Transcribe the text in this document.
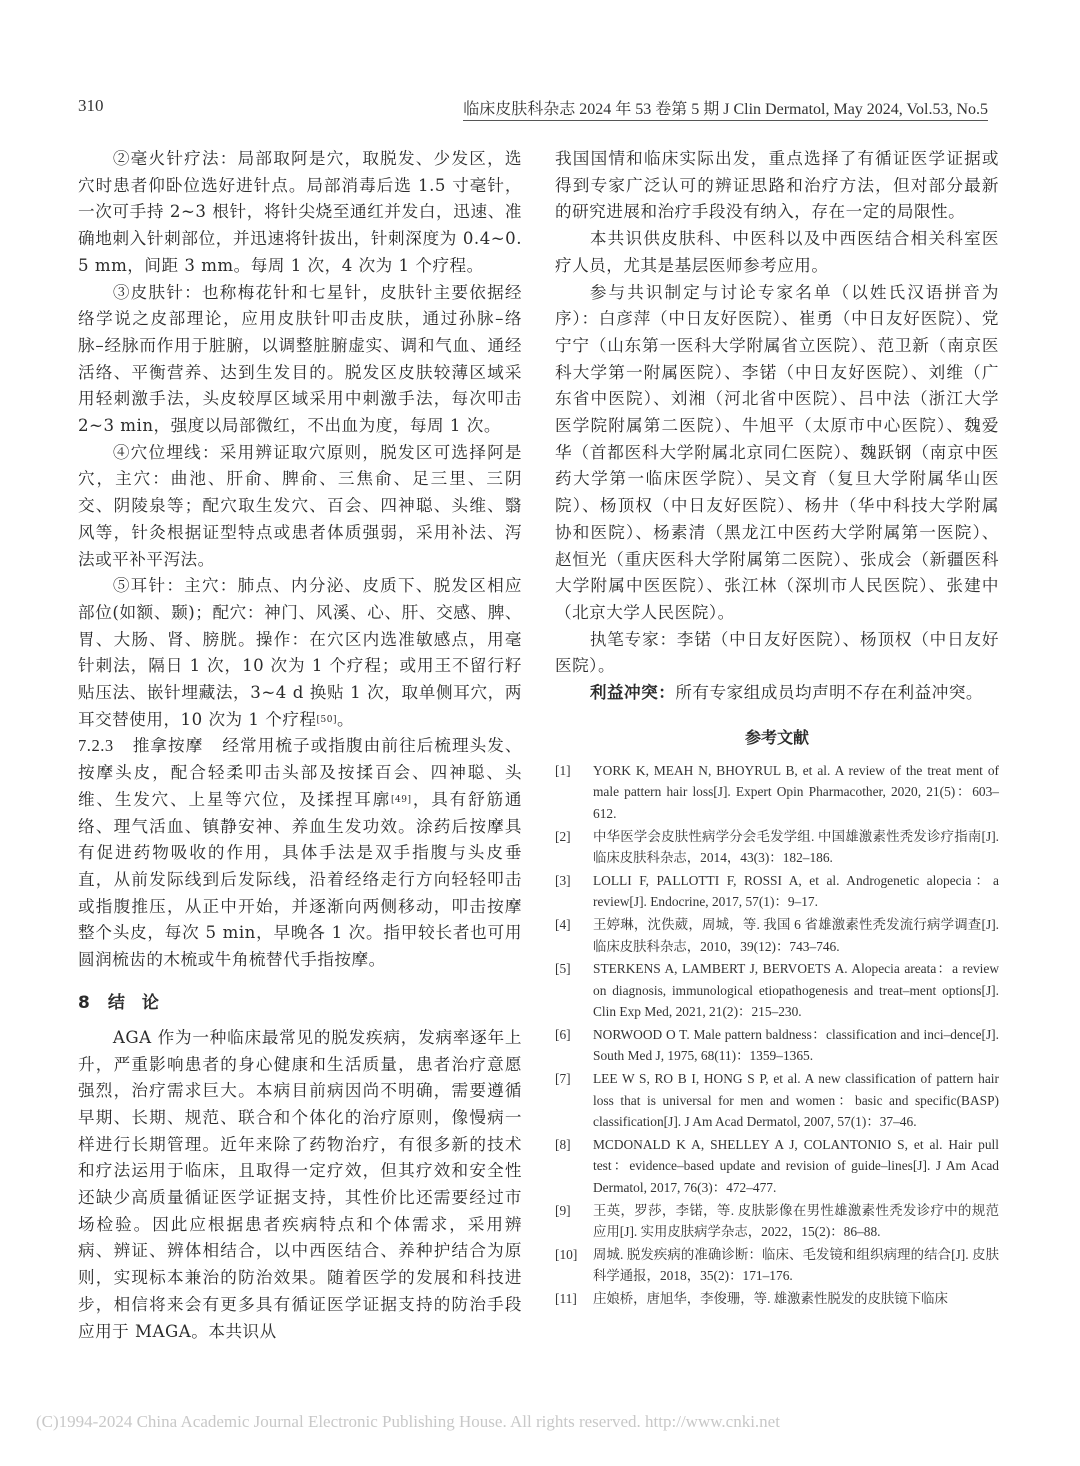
310	临床皮肤科杂志 2024 年 53 卷第 5 期 J Clin Dermatol, May 2024, Vol.53, No.5

②毫火针疗法：局部取阿是穴，取脱发、少发区，选穴时患者仰卧位选好进针点。局部消毒后选 1.5 寸毫针，一次可手持 2~3 根针，将针尖烧至通红并发白，迅速、准确地刺入针刺部位，并迅速将针拔出，针刺深度为 0.4~0.5 mm，间距 3 mm。每周 1 次，4 次为 1 个疗程。

③皮肤针：也称梅花针和七星针，皮肤针主要依据经络学说之皮部理论，应用皮肤针叩击皮肤，通过孙脉–络脉–经脉而作用于脏腑，以调整脏腑虚实、调和气血、通经活络、平衡营养、达到生发目的。脱发区皮肤较薄区域采用轻刺激手法，头皮较厚区域采用中刺激手法，每次叩击 2~3 min，强度以局部微红，不出血为度，每周 1 次。

④穴位埋线：采用辨证取穴原则，脱发区可选择阿是穴，主穴：曲池、肝俞、脾俞、三焦俞、足三里、三阴交、阴陵泉等；配穴取生发穴、百会、四神聪、头维、翳风等，针灸根据证型特点或患者体质强弱，采用补法、泻法或平补平泻法。

⑤耳针：主穴：肺点、内分泌、皮质下、脱发区相应部位(如额、颞)；配穴：神门、风溪、心、肝、交感、脾、胃、大肠、肾、膀胱。操作：在穴区内选准敏感点，用毫针刺法，隔日 1 次，10 次为 1 个疗程；或用王不留行籽贴压法、嵌针埋藏法，3~4 d 换贴 1 次，取单侧耳穴，两耳交替使用，10 次为 1 个疗程[50]。

7.2.3 推拿按摩 经常用梳子或指腹由前往后梳理头发、按摩头皮，配合轻柔叩击头部及按揉百会、四神聪、头维、生发穴、上星等穴位，及揉捏耳廓[49]，具有舒筋通络、理气活血、镇静安神、养血生发功效。涂药后按摩具有促进药物吸收的作用，具体手法是双手指腹与头皮垂直，从前发际线到后发际线，沿着经络走行方向轻轻叩击或指腹推压，从正中开始，并逐渐向两侧移动，叩击按摩整个头皮，每次 5 min，早晚各 1 次。指甲较长者也可用圆润梳齿的木梳或牛角梳替代手指按摩。

8 结　论

AGA 作为一种临床最常见的脱发疾病，发病率逐年上升，严重影响患者的身心健康和生活质量，患者治疗意愿强烈，治疗需求巨大。本病目前病因尚不明确，需要遵循早期、长期、规范、联合和个体化的治疗原则，像慢病一样进行长期管理。近年来除了药物治疗，有很多新的技术和疗法运用于临床，且取得一定疗效，但其疗效和安全性还缺少高质量循证医学证据支持，其性价比还需要经过市场检验。因此应根据患者疾病特点和个体需求，采用辨病、辨证、辨体相结合，以中西医结合、养种护结合为原则，实现标本兼治的防治效果。随着医学的发展和科技进步，相信将来会有更多具有循证医学证据支持的防治手段应用于 MAGA。本共识从

我国国情和临床实际出发，重点选择了有循证医学证据或得到专家广泛认可的辨证思路和治疗方法，但对部分最新的研究进展和治疗手段没有纳入，存在一定的局限性。

本共识供皮肤科、中医科以及中西医结合相关科室医疗人员，尤其是基层医师参考应用。

参与共识制定与讨论专家名单（以姓氏汉语拼音为序）：白彦萍（中日友好医院）、崔勇（中日友好医院）、党宁宁（山东第一医科大学附属省立医院）、范卫新（南京医科大学第一附属医院）、李锘（中日友好医院）、刘维（广东省中医院）、刘湘（河北省中医院）、吕中法（浙江大学医学院附属第二医院）、牛旭平（太原市中心医院）、魏爱华（首都医科大学附属北京同仁医院）、魏跃钢（南京中医药大学第一临床医学院）、吴文育（复旦大学附属华山医院）、杨顶权（中日友好医院）、杨井（华中科技大学附属协和医院）、杨素清（黑龙江中医药大学附属第一医院）、赵恒光（重庆医科大学附属第二医院）、张成会（新疆医科大学附属中医医院）、张江林（深圳市人民医院）、张建中（北京大学人民医院）。

执笔专家：李锘（中日友好医院）、杨顶权（中日友好医院）。

利益冲突：所有专家组成员均声明不存在利益冲突。

参考文献
[1]	YORK K, MEAH N, BHOYRUL B, et al. A review of the treat ment of male pattern hair loss[J]. Expert Opin Pharmacother, 2020, 21(5)：603–612.
[2]	中华医学会皮肤性病学分会毛发学组. 中国雄激素性秃发诊疗指南[J]. 临床皮肤科杂志，2014，43(3)：182–186.
[3]	LOLLI F, PALLOTTI F, ROSSI A, et al. Androgenetic alopecia：a review[J]. Endocrine, 2017, 57(1)：9–17.
[4]	王婷琳，沈佚葳，周城，等. 我国 6 省雄激素性秃发流行病学调查[J]. 临床皮肤科杂志，2010，39(12)：743–746.
[5]	STERKENS A, LAMBERT J, BERVOETS A. Alopecia areata：a review on diagnosis, immunological etiopathogenesis and treat–ment options[J]. Clin Exp Med, 2021, 21(2)：215–230.
[6]	NORWOOD O T. Male pattern baldness：classification and inci–dence[J]. South Med J, 1975, 68(11)：1359–1365.
[7]	LEE W S, RO B I, HONG S P, et al. A new classification of pattern hair loss that is universal for men and women：basic and specific(BASP) classification[J]. J Am Acad Dermatol, 2007, 57(1)：37–46.
[8]	MCDONALD K A, SHELLEY A J, COLANTONIO S, et al. Hair pull test：evidence–based update and revision of guide–lines[J]. J Am Acad Dermatol, 2017, 76(3)：472–477.
[9]	王英，罗莎，李锘，等. 皮肤影像在男性雄激素性秃发诊疗中的规范应用[J]. 实用皮肤病学杂志，2022，15(2)：86–88.
[10]	周城. 脱发疾病的准确诊断：临床、毛发镜和组织病理的结合[J]. 皮肤科学通报，2018，35(2)：171–176.
[11]	庄娘桥，唐旭华，李俊珊，等. 雄激素性脱发的皮肤镜下临床
(C)1994-2024 China Academic Journal Electronic Publishing House. All rights reserved. http://www.cnki.net
